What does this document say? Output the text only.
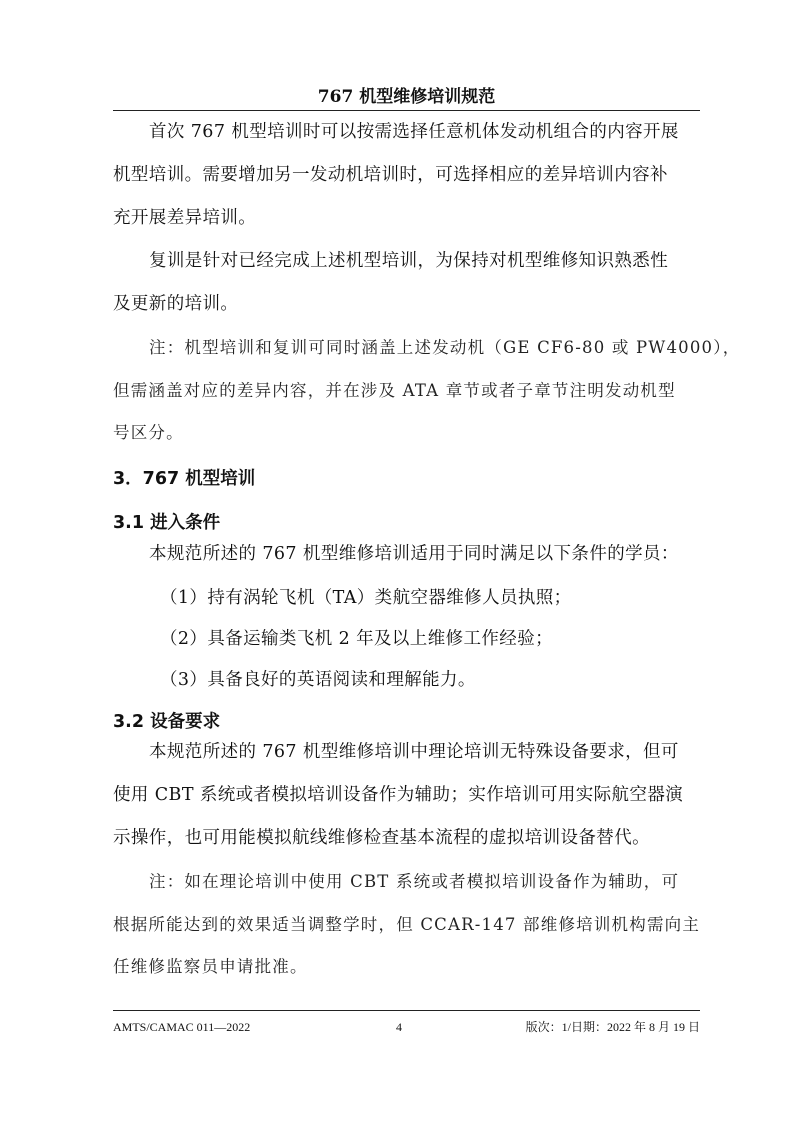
767 机型维修培训规范

首次 767 机型培训时可以按需选择任意机体发动机组合的内容开展

机型培训。需要增加另一发动机培训时，可选择相应的差异培训内容补

充开展差异培训。

复训是针对已经完成上述机型培训，为保持对机型维修知识熟悉性

及更新的培训。

注：机型培训和复训可同时涵盖上述发动机（GE CF6-80 或 PW4000），

但需涵盖对应的差异内容，并在涉及 ATA 章节或者子章节注明发动机型

号区分。

3．767 机型培训
3.1 进入条件

本规范所述的 767 机型维修培训适用于同时满足以下条件的学员：

（1）持有涡轮飞机（TA）类航空器维修人员执照；
（2）具备运输类飞机 2 年及以上维修工作经验；
（3）具备良好的英语阅读和理解能力。
3.2 设备要求

本规范所述的 767 机型维修培训中理论培训无特殊设备要求，但可

使用 CBT 系统或者模拟培训设备作为辅助；实作培训可用实际航空器演

示操作，也可用能模拟航线维修检查基本流程的虚拟培训设备替代。

注：如在理论培训中使用 CBT 系统或者模拟培训设备作为辅助，可

根据所能达到的效果适当调整学时，但 CCAR-147 部维修培训机构需向主

任维修监察员申请批准。

AMTS/CAMAC 011—2022	4	版次：1/日期：2022 年 8 月 19 日
